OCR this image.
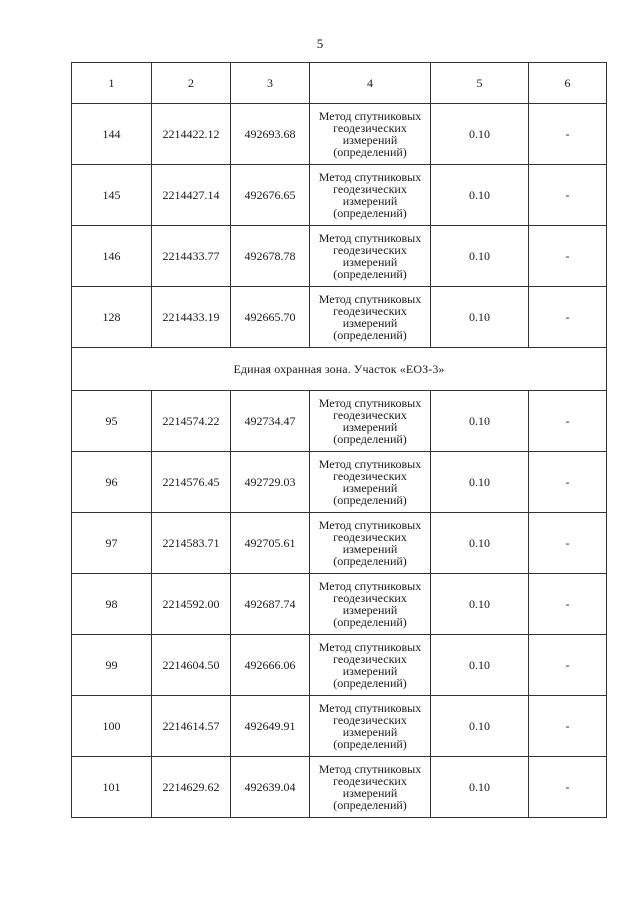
5
1	2	3	4	5	6
144	2214422.12	492693.68	Метод спутниковых
геодезических
измерений
(определений)	0.10	-
145	2214427.14	492676.65	Метод спутниковых
геодезических
измерений
(определений)	0.10	-
146	2214433.77	492678.78	Метод спутниковых
геодезических
измерений
(определений)	0.10	-
128	2214433.19	492665.70	Метод спутниковых
геодезических
измерений
(определений)	0.10	-
Единая охранная зона. Участок «ЕОЗ-3»					
95	2214574.22	492734.47	Метод спутниковых
геодезических
измерений
(определений)	0.10	-
96	2214576.45	492729.03	Метод спутниковых
геодезических
измерений
(определений)	0.10	-
97	2214583.71	492705.61	Метод спутниковых
геодезических
измерений
(определений)	0.10	-
98	2214592.00	492687.74	Метод спутниковых
геодезических
измерений
(определений)	0.10	-
99	2214604.50	492666.06	Метод спутниковых
геодезических
измерений
(определений)	0.10	-
100	2214614.57	492649.91	Метод спутниковых
геодезических
измерений
(определений)	0.10	-
101	2214629.62	492639.04	Метод спутниковых
геодезических
измерений
(определений)	0.10	-
